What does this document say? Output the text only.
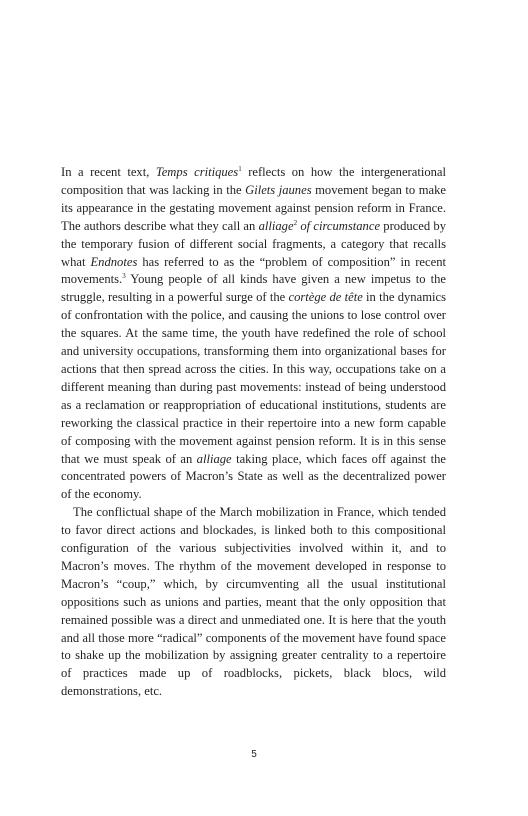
In a recent text, Temps critiques$^1$ reflects on how the intergenerational composition that was lacking in the Gilets jaunes movement began to make its appearance in the gestating movement against pension reform in France. The authors describe what they call an alliage$^2$ of circumstance produced by the temporary fusion of different social fragments, a category that recalls what Endnotes has referred to as the “problem of composition” in recent movements.$^3$ Young people of all kinds have given a new impetus to the struggle, resulting in a powerful surge of the cortège de tête in the dynamics of confrontation with the police, and causing the unions to lose control over the squares. At the same time, the youth have redefined the role of school and university occupations, transforming them into organizational bases for actions that then spread across the cities. In this way, occupations take on a different meaning than during past movements: instead of being understood as a reclamation or reappropriation of educational institutions, students are reworking the classical practice in their repertoire into a new form capable of composing with the movement against pension reform. It is in this sense that we must speak of an alliage taking place, which faces off against the concentrated powers of Macron’s State as well as the decentralized power of the economy.

The conflictual shape of the March mobilization in France, which tended to favor direct actions and blockades, is linked both to this compositional configuration of the various subjectivities involved within it, and to Macron’s moves. The rhythm of the movement developed in response to Macron’s “coup,” which, by circumventing all the usual institutional oppositions such as unions and parties, meant that the only opposition that remained possible was a direct and unmediated one. It is here that the youth and all those more “radical” components of the movement have found space to shake up the mobilization by assigning greater centrality to a repertoire of practices made up of roadblocks, pickets, black blocs, wild demonstrations, etc.

5
